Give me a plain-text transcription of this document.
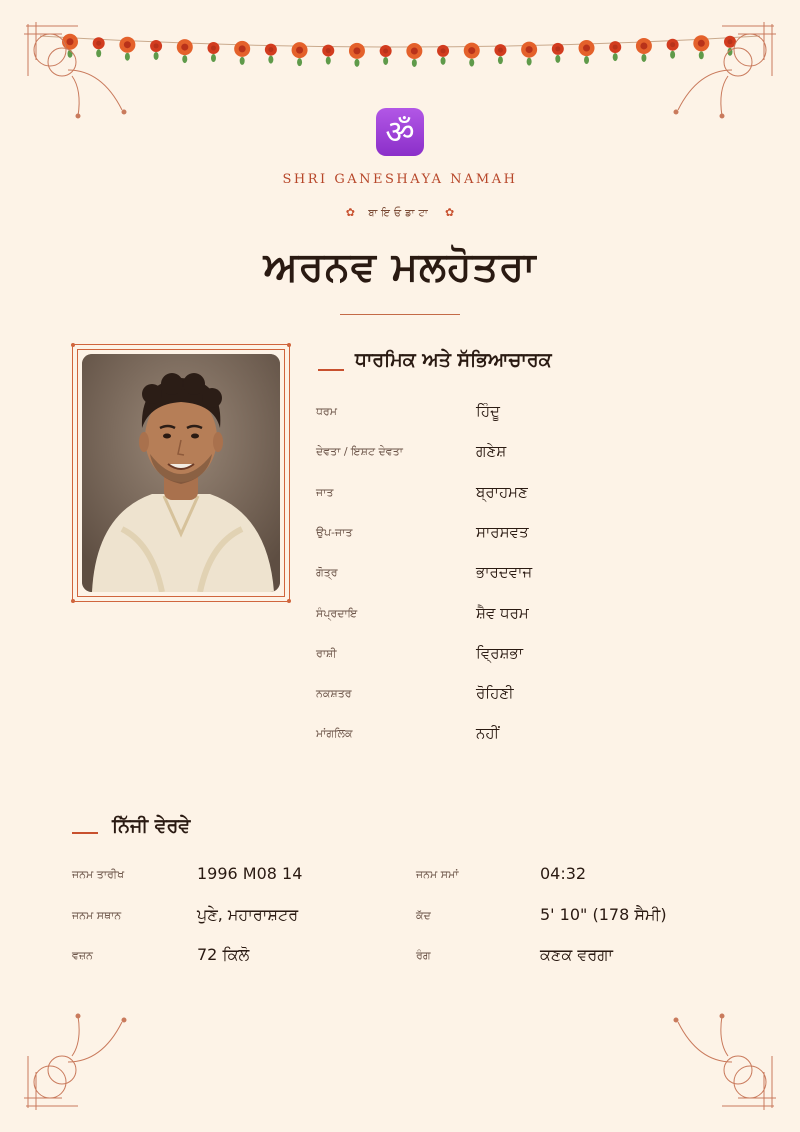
ॐ
SHRI GANESHAYA NAMAH
✿ ਬਾਇਓਡਾਟਾ ✿
ਅਰਨਵ ਮਲਹੋਤਰਾ
ਧਾਰਮਿਕ ਅਤੇ ਸੱਭਿਆਚਾਰਕ
ਧਰਮ	ਹਿੰਦੂ
ਦੇਵਤਾ / ਇਸ਼ਟ ਦੇਵਤਾ	ਗਣੇਸ਼
ਜਾਤ	ਬ੍ਰਾਹਮਣ
ਉਪ-ਜਾਤ	ਸਾਰਸਵਤ
ਗੋਤ੍ਰ	ਭਾਰਦਵਾਜ
ਸੰਪ੍ਰਦਾਇ	ਸ਼ੈਵ ਧਰਮ
ਰਾਸ਼ੀ	ਵ੍ਰਿਸ਼ਭਾ
ਨਕਸ਼ਤਰ	ਰੋਹਿਣੀ
ਮਾਂਗਲਿਕ	ਨਹੀਂ
ਨਿੱਜੀ ਵੇਰਵੇ
ਜਨਮ ਤਾਰੀਖ	1996 M08 14	ਜਨਮ ਸਮਾਂ	04:32
ਜਨਮ ਸਥਾਨ	ਪੁਣੇ, ਮਹਾਰਾਸ਼ਟਰ	ਕੱਦ	5' 10" (178 ਸੈਮੀ)
ਵਜ਼ਨ	72 ਕਿਲੋ	ਰੰਗ	ਕਣਕ ਵਰਗਾ
